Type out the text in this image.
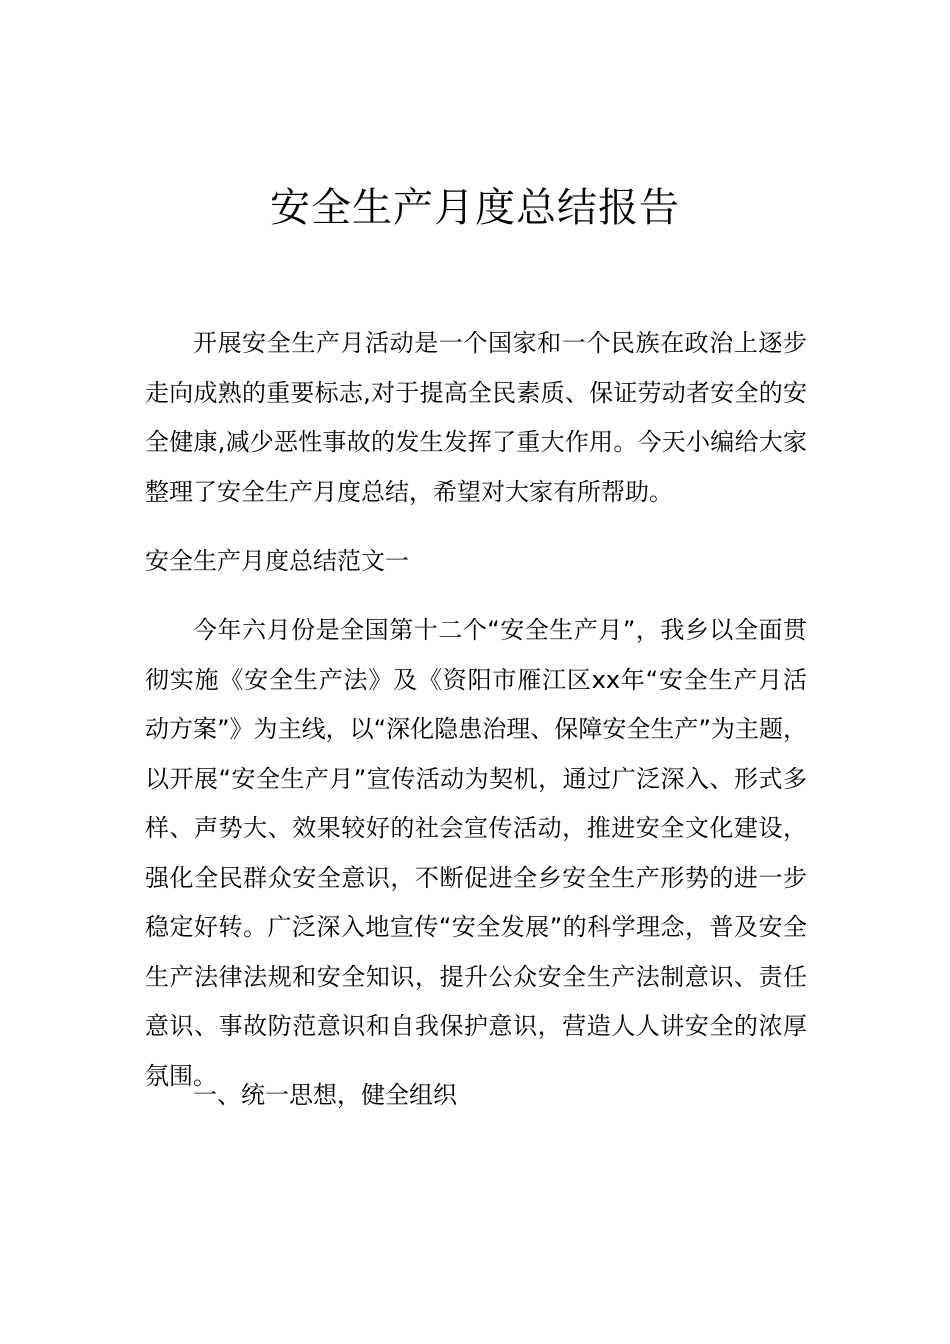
安全生产月度总结报告

开展安全生产月活动是一个国家和一个民族在政治上逐步走向成熟的重要标志,对于提高全民素质、保证劳动者安全的安全健康,减少恶性事故的发生发挥了重大作用。今天小编给大家整理了安全生产月度总结，希望对大家有所帮助。

安全生产月度总结范文一

今年六月份是全国第十二个“安全生产月”，我乡以全面贯彻实施《安全生产法》及《资阳市雁江区xx年“安全生产月活动方案”》为主线，以“深化隐患治理、保障安全生产”为主题，以开展“安全生产月”宣传活动为契机，通过广泛深入、形式多样、声势大、效果较好的社会宣传活动，推进安全文化建设，强化全民群众安全意识，不断促进全乡安全生产形势的进一步稳定好转。广泛深入地宣传“安全发展”的科学理念，普及安全生产法律法规和安全知识，提升公众安全生产法制意识、责任意识、事故防范意识和自我保护意识，营造人人讲安全的浓厚氛围。

一、统一思想，健全组织
